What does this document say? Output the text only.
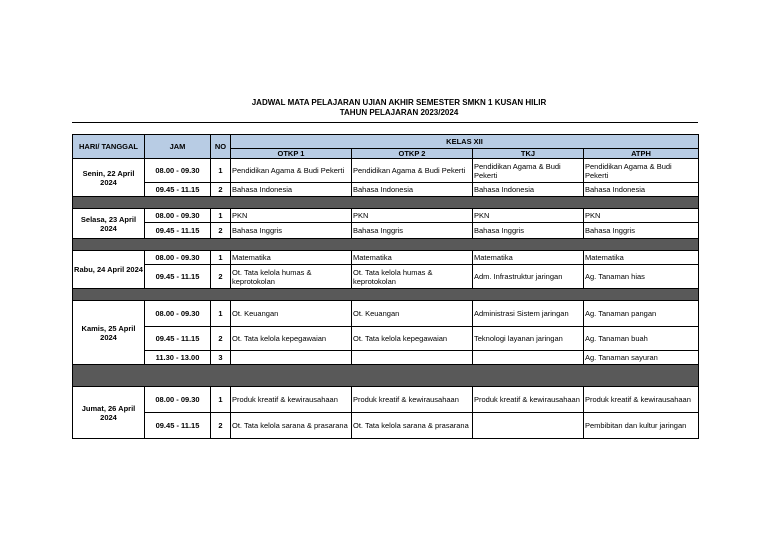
JADWAL MATA PELAJARAN UJIAN AKHIR SEMESTER SMKN 1 KUSAN HILIR
TAHUN PELAJARAN 2023/2024
HARI/ TANGGAL	JAM	NO	KELAS XII			
			OTKP 1	OTKP 2	TKJ	ATPH
Senin, 22 April 2024	08.00 - 09.30	1	Pendidikan Agama & Budi Pekerti	Pendidikan Agama & Budi Pekerti	Pendidikan Agama & Budi Pekerti	Pendidikan Agama & Budi Pekerti
	09.45 - 11.15	2	Bahasa Indonesia	Bahasa Indonesia	Bahasa Indonesia	Bahasa Indonesia

Selasa, 23 April 2024	08.00 - 09.30	1	PKN	PKN	PKN	PKN
	09.45 - 11.15	2	Bahasa Inggris	Bahasa Inggris	Bahasa Inggris	Bahasa Inggris

Rabu, 24 April 2024	08.00 - 09.30	1	Matematika	Matematika	Matematika	Matematika
	09.45 - 11.15	2	Ot. Tata kelola humas & keprotokolan	Ot. Tata kelola humas & keprotokolan	Adm. Infrastruktur jaringan	Ag. Tanaman hias

Kamis, 25 April 2024	08.00 - 09.30	1	Ot. Keuangan	Ot. Keuangan	Administrasi Sistem jaringan	Ag. Tanaman pangan
	09.45 - 11.15	2	Ot. Tata kelola kepegawaian	Ot. Tata kelola kepegawaian	Teknologi layanan jaringan	Ag. Tanaman buah
	11.30 - 13.00	3				Ag. Tanaman sayuran

Jumat, 26 April 2024	08.00 - 09.30	1	Produk kreatif & kewirausahaan	Produk kreatif & kewirausahaan	Produk kreatif & kewirausahaan	Produk kreatif & kewirausahaan
	09.45 - 11.15	2	Ot. Tata kelola sarana & prasarana	Ot. Tata kelola sarana & prasarana		Pembibitan dan kultur jaringan
